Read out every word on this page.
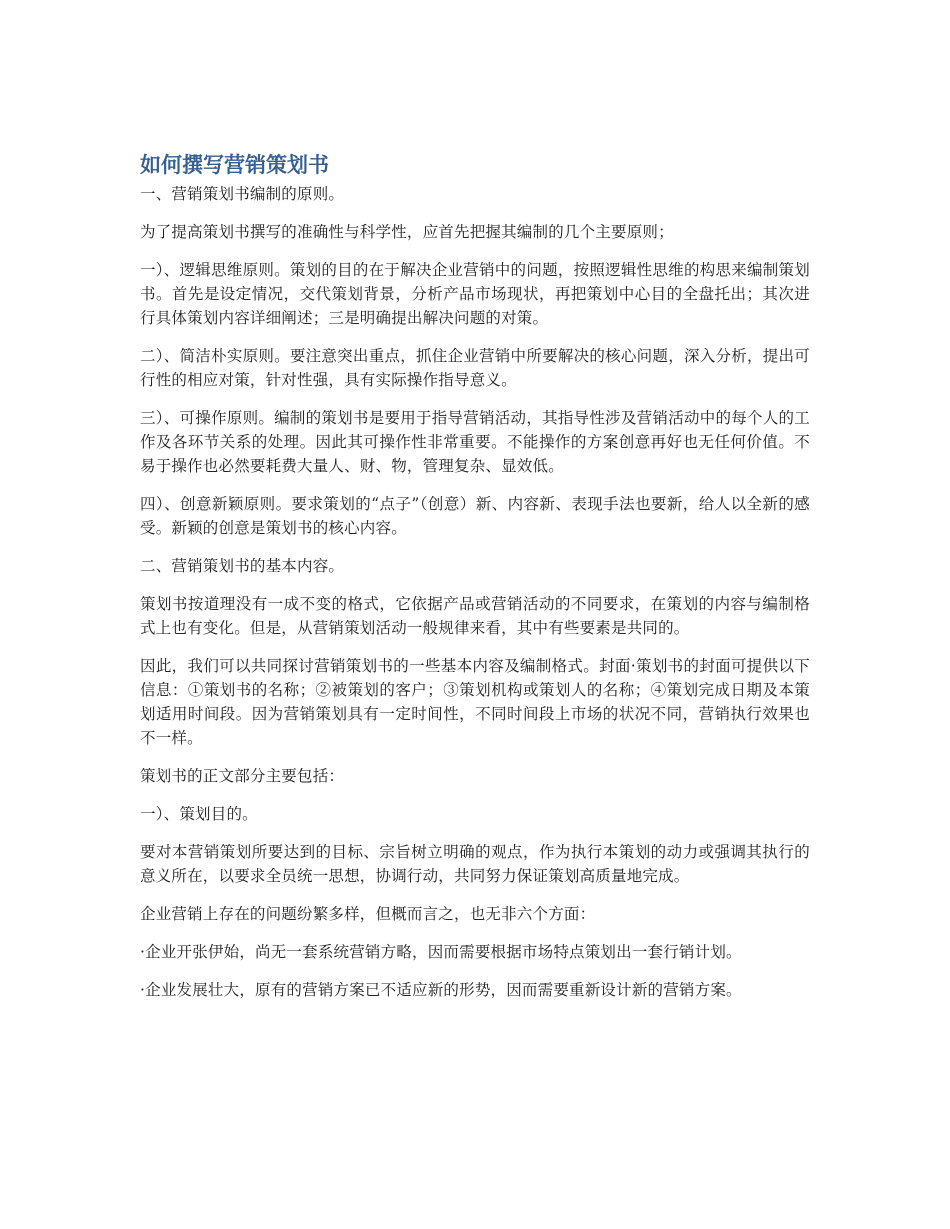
如何撰写营销策划书

一、营销策划书编制的原则。

为了提高策划书撰写的准确性与科学性，应首先把握其编制的几个主要原则；

一）、逻辑思维原则。策划的目的在于解决企业营销中的问题，按照逻辑性思维的构思来编制策划书。首先是设定情况，交代策划背景，分析产品市场现状，再把策划中心目的全盘托出；其次进行具体策划内容详细阐述；三是明确提出解决问题的对策。

二）、简洁朴实原则。要注意突出重点，抓住企业营销中所要解决的核心问题，深入分析，提出可行性的相应对策，针对性强，具有实际操作指导意义。

三）、可操作原则。编制的策划书是要用于指导营销活动，其指导性涉及营销活动中的每个人的工作及各环节关系的处理。因此其可操作性非常重要。不能操作的方案创意再好也无任何价值。不易于操作也必然要耗费大量人、财、物，管理复杂、显效低。

四）、创意新颖原则。要求策划的“点子”（创意）新、内容新、表现手法也要新，给人以全新的感受。新颖的创意是策划书的核心内容。

二、营销策划书的基本内容。

策划书按道理没有一成不变的格式，它依据产品或营销活动的不同要求，在策划的内容与编制格式上也有变化。但是，从营销策划活动一般规律来看，其中有些要素是共同的。

因此，我们可以共同探讨营销策划书的一些基本内容及编制格式。封面·策划书的封面可提供以下信息：①策划书的名称；②被策划的客户；③策划机构或策划人的名称；④策划完成日期及本策划适用时间段。因为营销策划具有一定时间性，不同时间段上市场的状况不同，营销执行效果也不一样。

策划书的正文部分主要包括：

一）、策划目的。

要对本营销策划所要达到的目标、宗旨树立明确的观点，作为执行本策划的动力或强调其执行的意义所在，以要求全员统一思想，协调行动，共同努力保证策划高质量地完成。

企业营销上存在的问题纷繁多样，但概而言之，也无非六个方面：

·企业开张伊始，尚无一套系统营销方略，因而需要根据市场特点策划出一套行销计划。

·企业发展壮大，原有的营销方案已不适应新的形势，因而需要重新设计新的营销方案。
